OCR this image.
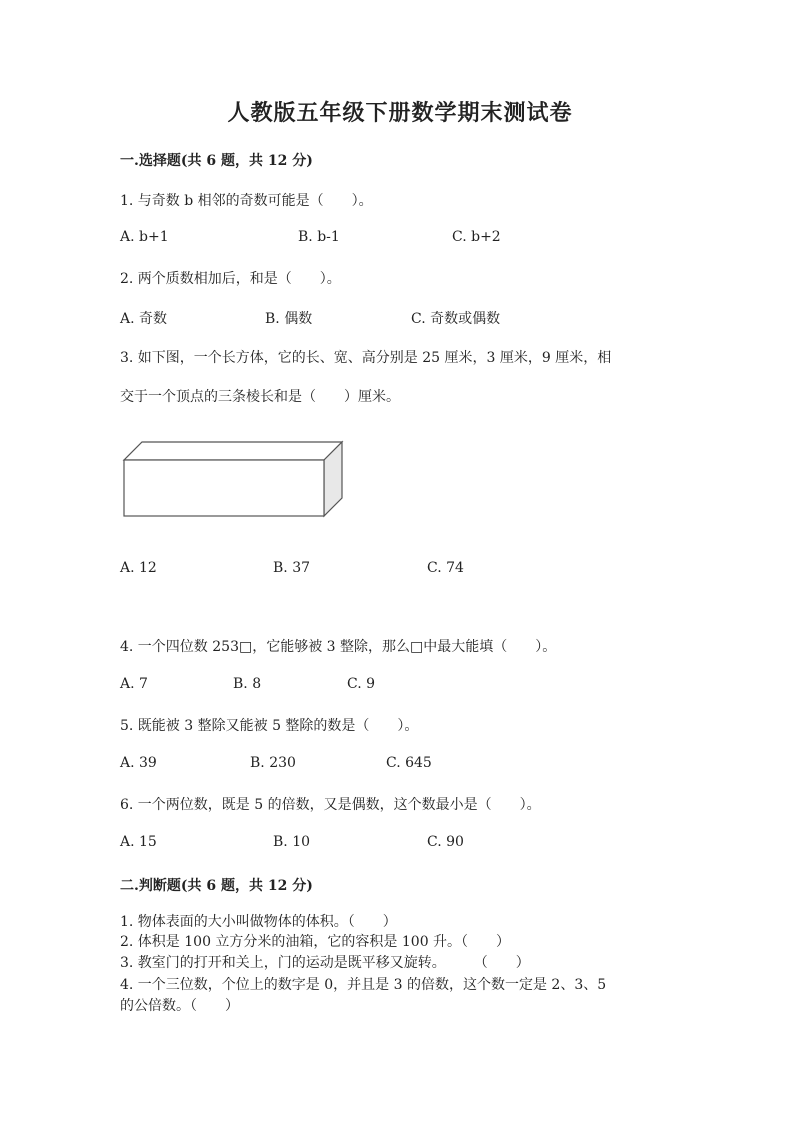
人教版五年级下册数学期末测试卷
一.选择题(共 6 题，共 12 分)
1. 与奇数 b 相邻的奇数可能是（　　）。
A. b+1	B. b-1	C. b+2
2. 两个质数相加后，和是（　　）。
A. 奇数	B. 偶数	C. 奇数或偶数
3. 如下图，一个长方体，它的长、宽、高分别是 25 厘米，3 厘米，9 厘米，相
交于一个顶点的三条棱长和是（　　）厘米。
A. 12	B. 37	C. 74
4. 一个四位数 253□，它能够被 3 整除，那么□中最大能填（　　）。
A. 7	B. 8	C. 9
5. 既能被 3 整除又能被 5 整除的数是（　　）。
A. 39	B. 230	C. 645
6. 一个两位数，既是 5 的倍数，又是偶数，这个数最小是（　　）。
A. 15	B. 10	C. 90
二.判断题(共 6 题，共 12 分)
1. 物体表面的大小叫做物体的体积。（　　）
2. 体积是 100 立方分米的油箱，它的容积是 100 升。（　　）
3. 教室门的打开和关上，门的运动是既平移又旋转。　　　（　　）
4. 一个三位数，个位上的数字是 0，并且是 3 的倍数，这个数一定是 2、3、5
的公倍数。（　　）
